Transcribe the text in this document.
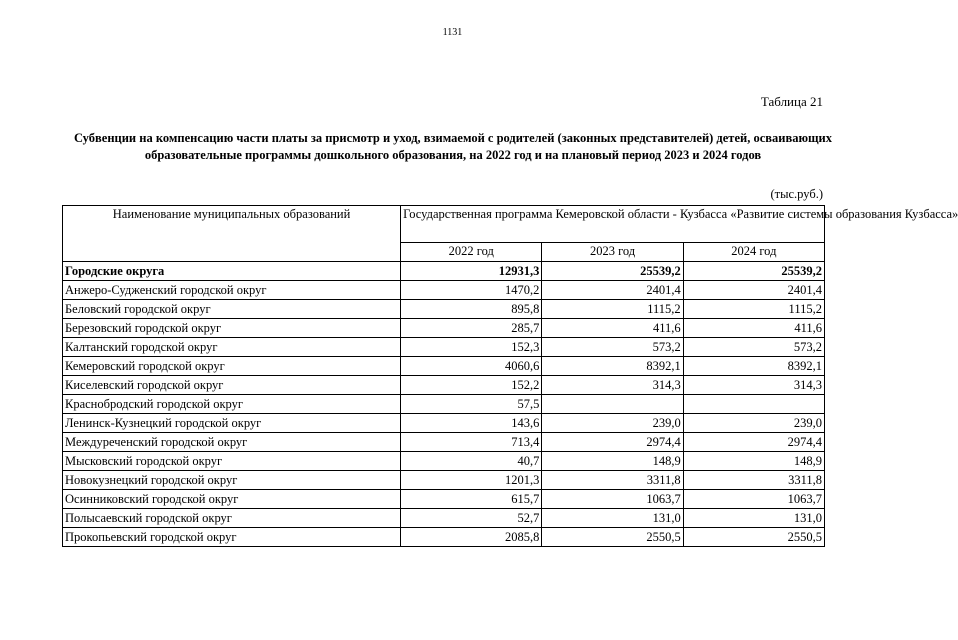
1131
Таблица 21
Субвенции на компенсацию части платы за присмотр и уход, взимаемой с родителей (законных представителей) детей, осваивающих образовательные программы дошкольного образования, на 2022 год и на плановый период 2023 и 2024 годов
(тыс.руб.)
Наименование муниципальных образований	Государственная программа Кемеровской области - Кузбасса «Развитие системы образования Кузбасса»		
	2022 год	2023 год	2024 год
Городские округа	12931,3	25539,2	25539,2
Анжеро-Судженский городской округ	1470,2	2401,4	2401,4
Беловский городской округ	895,8	1115,2	1115,2
Березовский городской округ	285,7	411,6	411,6
Калтанский городской округ	152,3	573,2	573,2
Кемеровский городской округ	4060,6	8392,1	8392,1
Киселевский городской округ	152,2	314,3	314,3
Краснобродский городской округ	57,5		
Ленинск-Кузнецкий городской округ	143,6	239,0	239,0
Междуреченский городской округ	713,4	2974,4	2974,4
Мысковский городской округ	40,7	148,9	148,9
Новокузнецкий городской округ	1201,3	3311,8	3311,8
Осинниковский городской округ	615,7	1063,7	1063,7
Полысаевский городской округ	52,7	131,0	131,0
Прокопьевский городской округ	2085,8	2550,5	2550,5
